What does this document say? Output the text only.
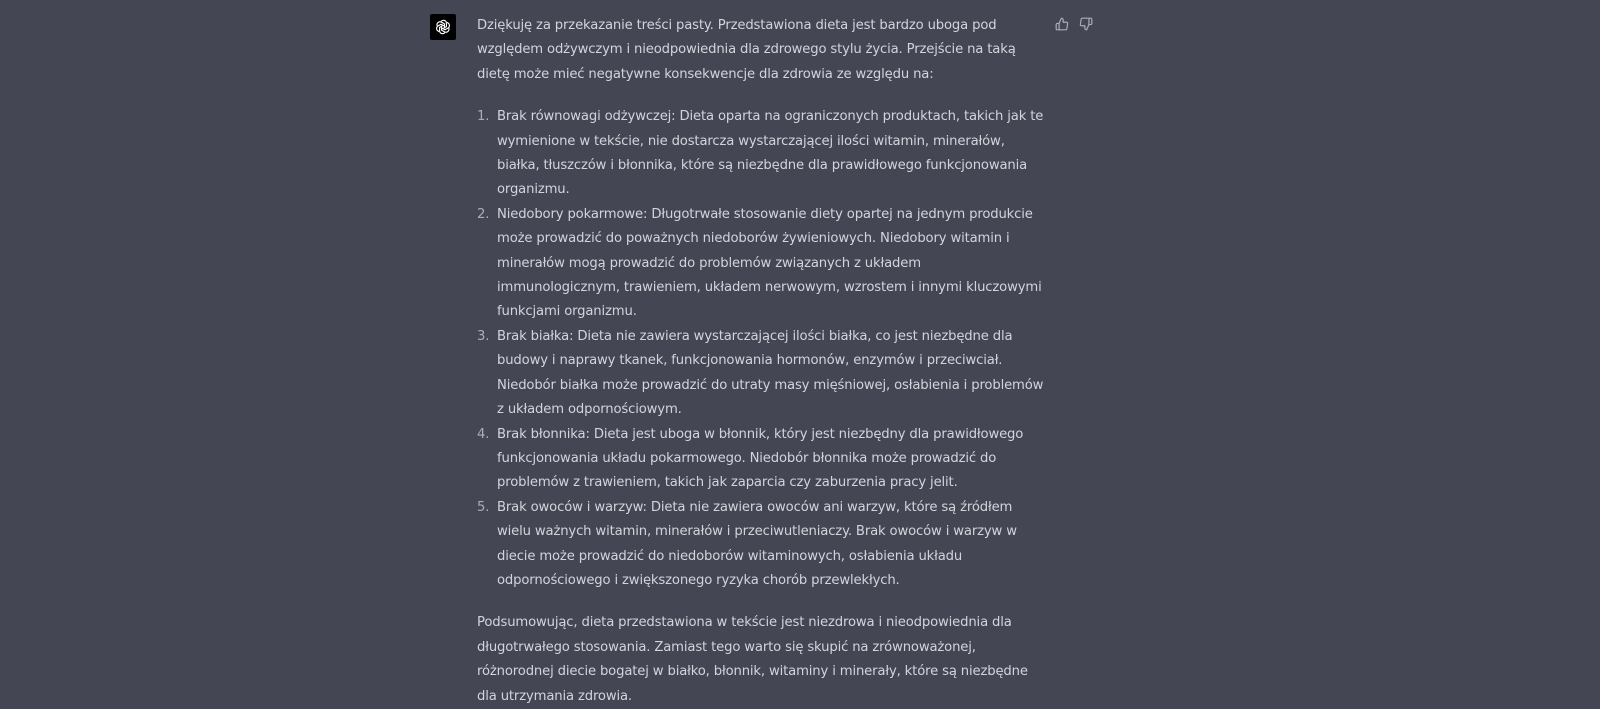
Dziękuję za przekazanie treści pasty. Przedstawiona dieta jest bardzo uboga pod względem odżywczym i nieodpowiednia dla zdrowego stylu życia. Przejście na taką dietę może mieć negatywne konsekwencje dla zdrowia ze względu na:

1. Brak równowagi odżywczej: Dieta oparta na ograniczonych produktach, takich jak te wymienione w tekście, nie dostarcza wystarczającej ilości witamin, minerałów, białka, tłuszczów i błonnika, które są niezbędne dla prawidłowego funkcjonowania organizmu.
2. Niedobory pokarmowe: Długotrwałe stosowanie diety opartej na jednym produkcie może prowadzić do poważnych niedoborów żywieniowych. Niedobory witamin i minerałów mogą prowadzić do problemów związanych z układem immunologicznym, trawieniem, układem nerwowym, wzrostem i innymi kluczowymi funkcjami organizmu.
3. Brak białka: Dieta nie zawiera wystarczającej ilości białka, co jest niezbędne dla budowy i naprawy tkanek, funkcjonowania hormonów, enzymów i przeciwciał. Niedobór białka może prowadzić do utraty masy mięśniowej, osłabienia i problemów z układem odpornościowym.
4. Brak błonnika: Dieta jest uboga w błonnik, który jest niezbędny dla prawidłowego funkcjonowania układu pokarmowego. Niedobór błonnika może prowadzić do problemów z trawieniem, takich jak zaparcia czy zaburzenia pracy jelit.
5. Brak owoców i warzyw: Dieta nie zawiera owoców ani warzyw, które są źródłem wielu ważnych witamin, minerałów i przeciwutleniaczy. Brak owoców i warzyw w diecie może prowadzić do niedoborów witaminowych, osłabienia układu odpornościowego i zwiększonego ryzyka chorób przewlekłych.

Podsumowując, dieta przedstawiona w tekście jest niezdrowa i nieodpowiednia dla długotrwałego stosowania. Zamiast tego warto się skupić na zrównoważonej, różnorodnej diecie bogatej w białko, błonnik, witaminy i minerały, które są niezbędne dla utrzymania zdrowia.
